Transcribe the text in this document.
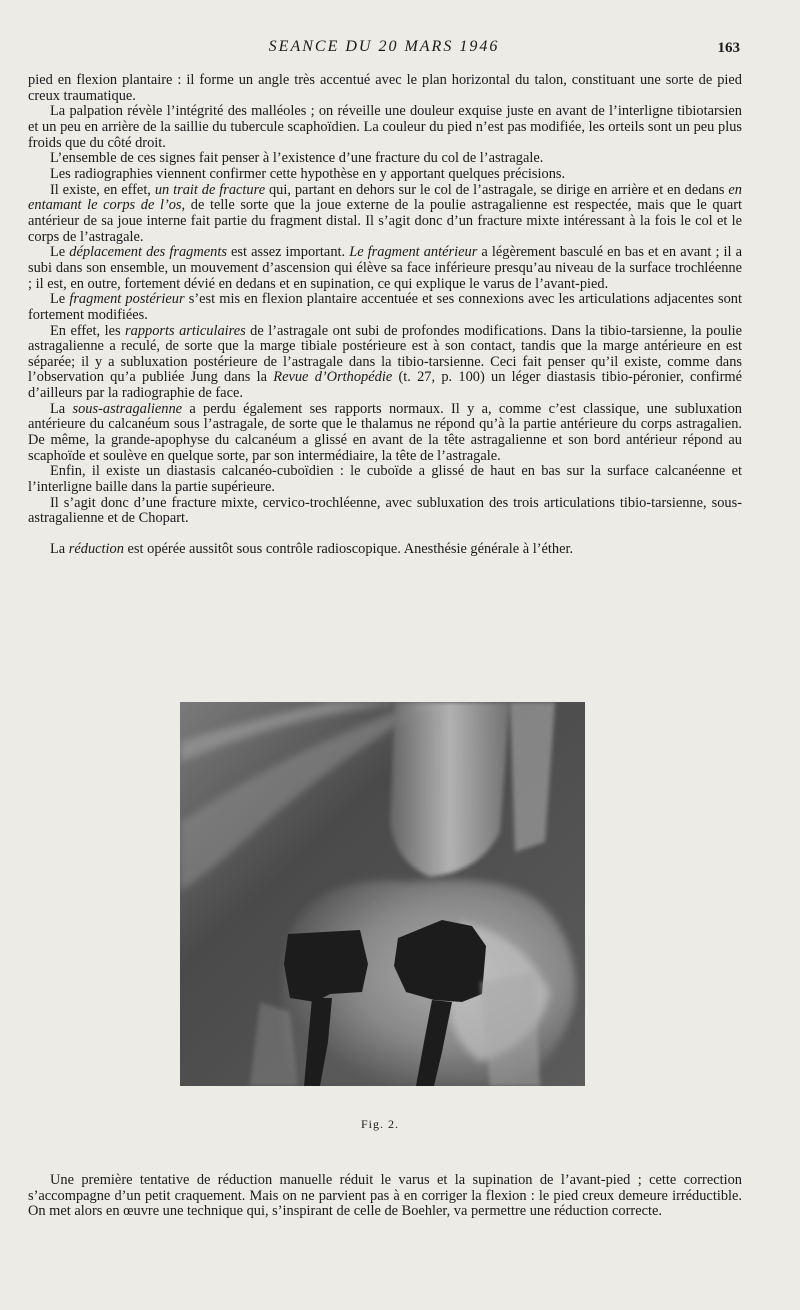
SEANCE DU 20 MARS 1946	163

pied en flexion plantaire : il forme un angle très accentué avec le plan horizontal du talon, constituant une sorte de pied creux traumatique.

La palpation révèle l’intégrité des malléoles ; on réveille une douleur exquise juste en avant de l’interligne tibiotarsien et un peu en arrière de la saillie du tubercule scaphoïdien. La couleur du pied n’est pas modifiée, les orteils sont un peu plus froids que du côté droit.

L’ensemble de ces signes fait penser à l’existence d’une fracture du col de l’astragale.

Les radiographies viennent confirmer cette hypothèse en y apportant quelques précisions.

Il existe, en effet, un trait de fracture qui, partant en dehors sur le col de l’astragale, se dirige en arrière et en dedans en entamant le corps de l’os, de telle sorte que la joue externe de la poulie astragalienne est respectée, mais que le quart antérieur de sa joue interne fait partie du fragment distal. Il s’agit donc d’un fracture mixte intéressant à la fois le col et le corps de l’astragale.

Le déplacement des fragments est assez important. Le fragment antérieur a légèrement basculé en bas et en avant ; il a subi dans son ensemble, un mouvement d’ascension qui élève sa face inférieure presqu’au niveau de la surface trochléenne ; il est, en outre, fortement dévié en dedans et en supination, ce qui explique le varus de l’avant-pied.

Le fragment postérieur s’est mis en flexion plantaire accentuée et ses connexions avec les articulations adjacentes sont fortement modifiées.

En effet, les rapports articulaires de l’astragale ont subi de profondes modifications. Dans la tibio-tarsienne, la poulie astragalienne a reculé, de sorte que la marge tibiale postérieure est à son contact, tandis que la marge antérieure en est séparée; il y a subluxation postérieure de l’astragale dans la tibio-tarsienne. Ceci fait penser qu’il existe, comme dans l’observation qu’a publiée Jung dans la Revue d’Orthopédie (t. 27, p. 100) un léger diastasis tibio-péronier, confirmé d’ailleurs par la radiographie de face.

La sous-astragalienne a perdu également ses rapports normaux. Il y a, comme c’est classique, une subluxation antérieure du calcanéum sous l’astragale, de sorte que le thalamus ne répond qu’à la partie antérieure du corps astragalien. De même, la grande-apophyse du calcanéum a glissé en avant de la tête astragalienne et son bord antérieur répond au scaphoïde et soulève en quelque sorte, par son intermédiaire, la tête de l’astragale.

Enfin, il existe un diastasis calcanéo-cuboïdien : le cuboïde a glissé de haut en bas sur la surface calcanéenne et l’interligne baille dans la partie supérieure.

Il s’agit donc d’une fracture mixte, cervico-trochléenne, avec subluxation des trois articulations tibio-tarsienne, sous-astragalienne et de Chopart.

La réduction est opérée aussitôt sous contrôle radioscopique. Anesthésie générale à l’éther.

Fig. 2.

Une première tentative de réduction manuelle réduit le varus et la supination de l’avant-pied ; cette correction s’accompagne d’un petit craquement. Mais on ne parvient pas à en corriger la flexion : le pied creux demeure irréductible. On met alors en œuvre une technique qui, s’inspirant de celle de Boehler, va permettre une réduction correcte.
